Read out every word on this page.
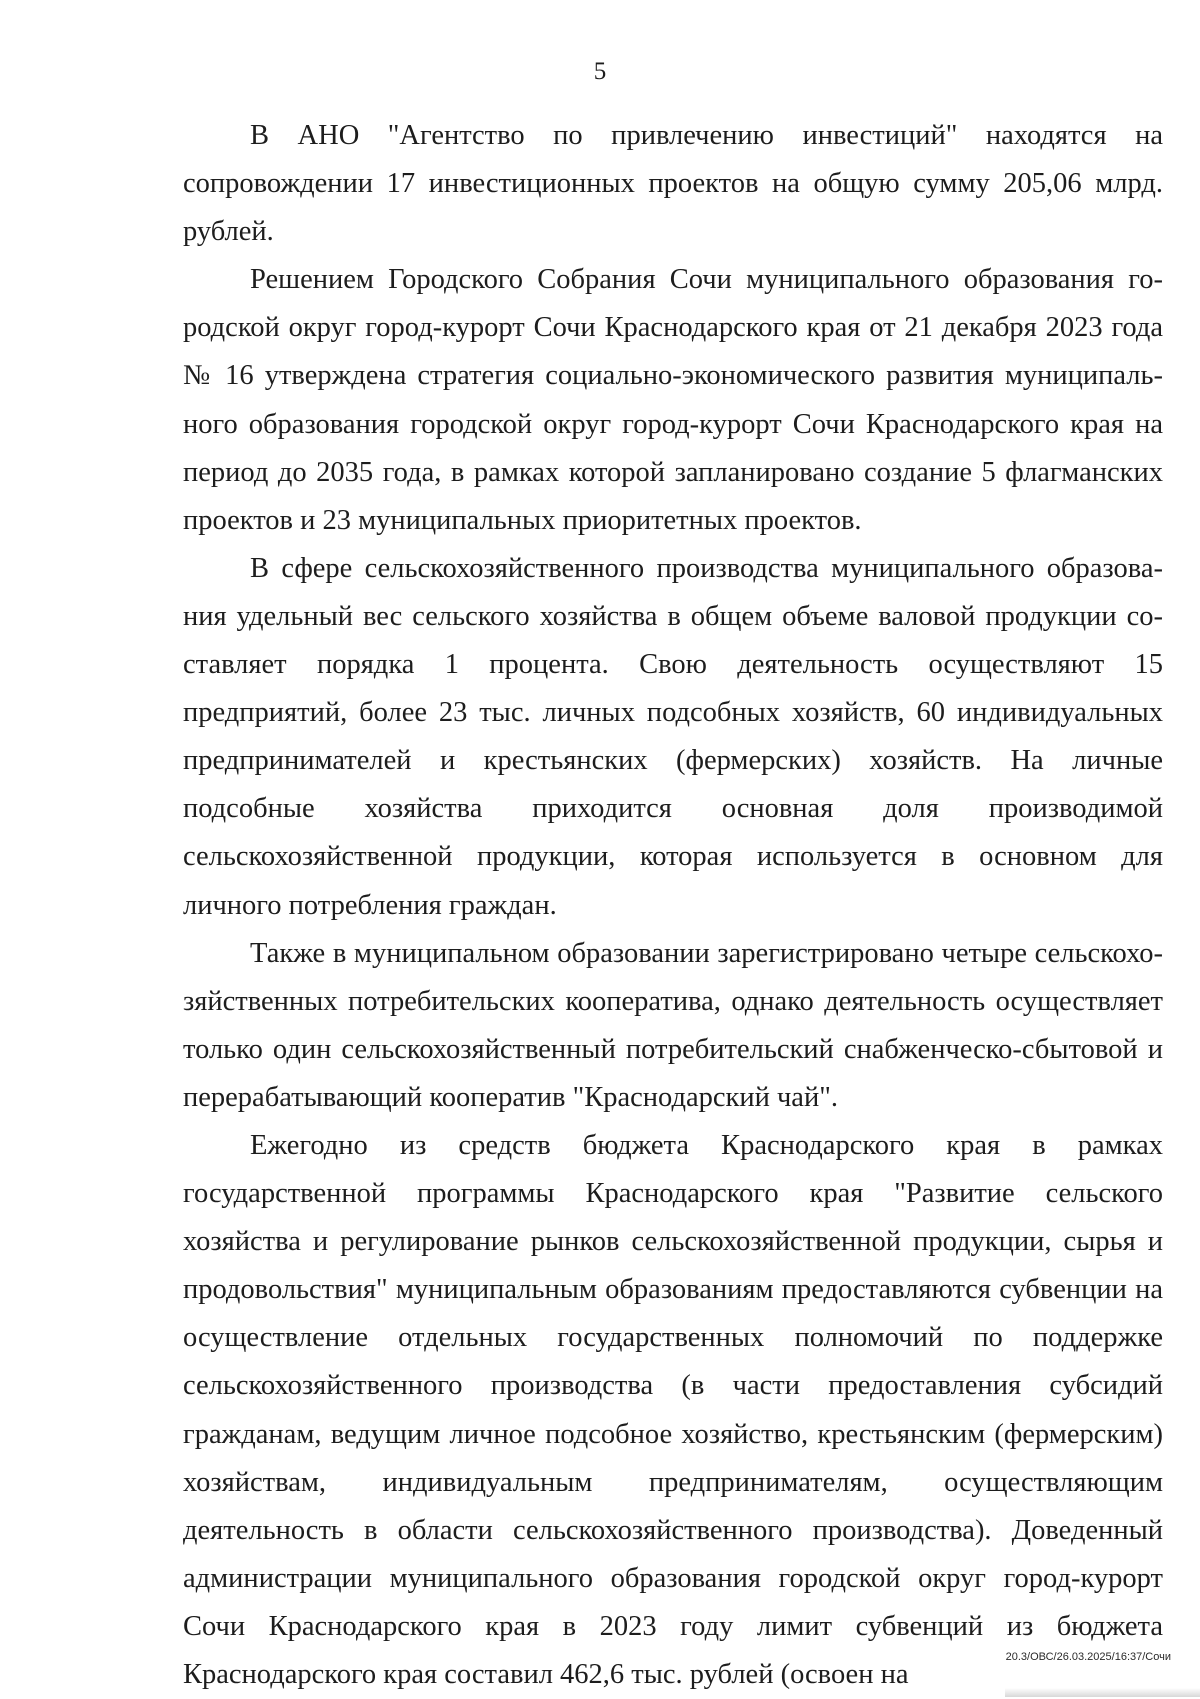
5

В АНО "Агентство по привлечению инвестиций" находятся на сопровождении 17 инвестиционных проектов на общую сумму 205,06 млрд. рублей.

Решением Городского Собрания Сочи муниципального образования городской округ город-курорт Сочи Краснодарского края от 21 декабря 2023 года № 16 утверждена стратегия социально-экономического развития муниципального образования городской округ город-курорт Сочи Краснодарского края на период до 2035 года, в рамках которой запланировано создание 5 флагманских проектов и 23 муниципальных приоритетных проектов.

В сфере сельскохозяйственного производства муниципального образования удельный вес сельского хозяйства в общем объеме валовой продукции составляет порядка 1 процента. Свою деятельность осуществляют 15 предприятий, более 23 тыс. личных подсобных хозяйств, 60 индивидуальных предпринимателей и крестьянских (фермерских) хозяйств. На личные подсобные хозяйства приходится основная доля производимой сельскохозяйственной продукции, которая используется в основном для личного потребления граждан.

Также в муниципальном образовании зарегистрировано четыре сельскохозяйственных потребительских кооператива, однако деятельность осуществляет только один сельскохозяйственный потребительский снабженческо-сбытовой и перерабатывающий кооператив "Краснодарский чай".

Ежегодно из средств бюджета Краснодарского края в рамках государственной программы Краснодарского края "Развитие сельского хозяйства и регулирование рынков сельскохозяйственной продукции, сырья и продовольствия" муниципальным образованиям предоставляются субвенции на осуществление отдельных государственных полномочий по поддержке сельскохозяйственного производства (в части предоставления субсидий гражданам, ведущим личное подсобное хозяйство, крестьянским (фермерским) хозяйствам, индивидуальным предпринимателям, осуществляющим деятельность в области сельскохозяйственного производства). Доведенный администрации муниципального образования городской округ город-курорт Сочи Краснодарского края в 2023 году лимит субвенций из бюджета Краснодарского края составил 462,6 тыс. рублей (освоен на

20.3/ОВС/26.03.2025/16:37/Сочи
